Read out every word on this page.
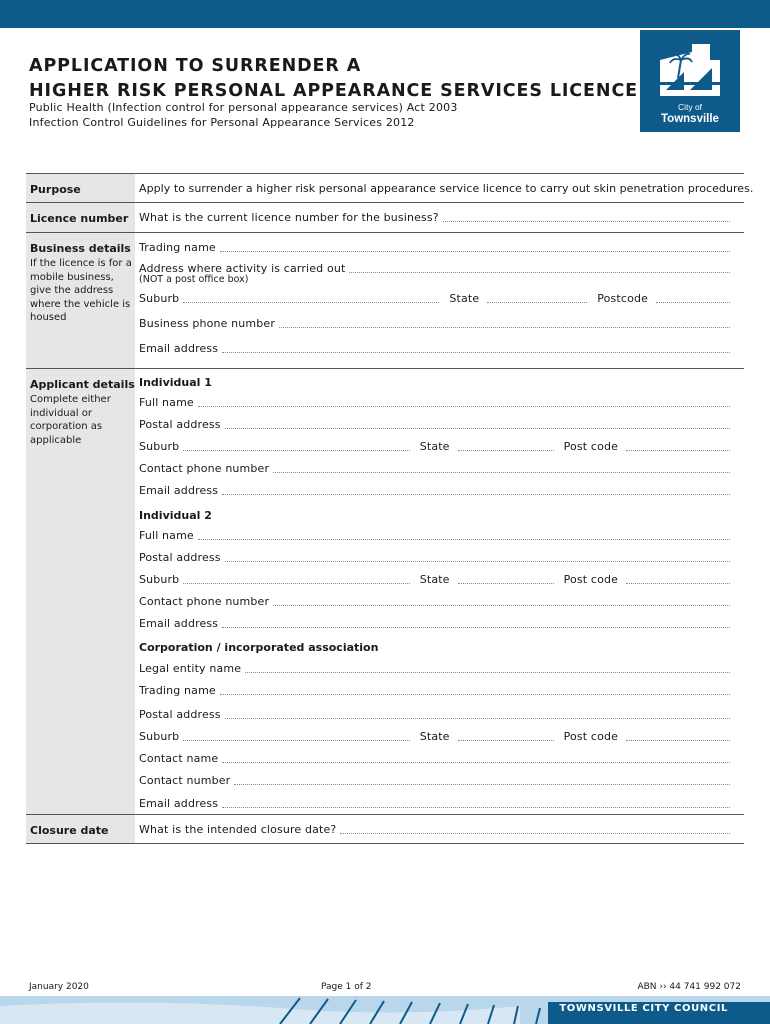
APPLICATION TO SURRENDER A
HIGHER RISK PERSONAL APPEARANCE SERVICES LICENCE
Public Health (Infection control for personal appearance services) Act 2003
Infection Control Guidelines for Personal Appearance Services 2012
City of
Townsville
Purpose	Apply to surrender a higher risk personal appearance service licence to carry out skin penetration procedures.
Licence number What is the current licence number for the business?
Business details
If the licence is for a mobile business, give the address where the vehicle is housed
Trading name
Address where activity is carried out
(NOT a post office box)
Suburb	State	Postcode
Business phone number
Email address
Applicant details
Complete either individual or corporation as applicable
Individual 1
Full name
Postal address
Suburb	State	Post code
Contact phone number
Email address
Individual 2
Full name
Postal address
Suburb	State	Post code
Contact phone number
Email address
Corporation / incorporated association
Legal entity name
Trading name
Postal address
Suburb	State	Post code
Contact name
Contact number
Email address
Closure date	What is the intended closure date?
January 2020	Page 1 of 2	ABN ›› 44 741 992 072
TOWNSVILLE CITY COUNCIL
